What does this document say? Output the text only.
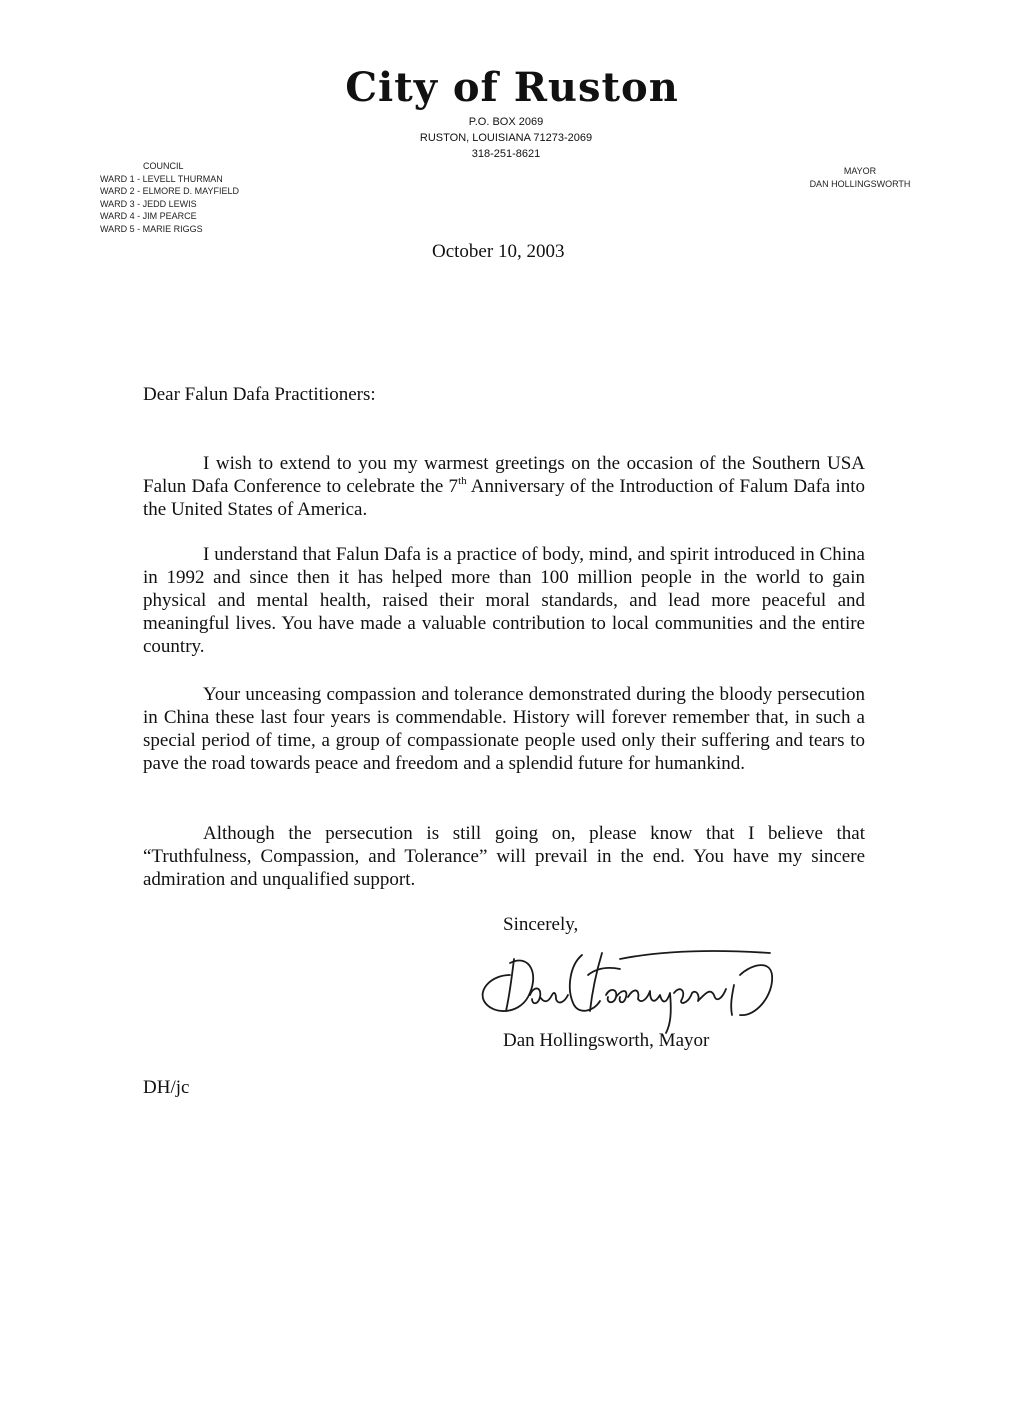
City of Ruston
P.O. BOX 2069
RUSTON, LOUISIANA 71273-2069
318-251-8621
COUNCIL
WARD 1 - LEVELL THURMAN
WARD 2 - ELMORE D. MAYFIELD
WARD 3 - JEDD LEWIS
WARD 4 - JIM PEARCE
WARD 5 - MARIE RIGGS
MAYOR
DAN HOLLINGSWORTH
October 10, 2003
Dear Falun Dafa Practitioners:

I wish to extend to you my warmest greetings on the occasion of the Southern USA Falun Dafa Conference to celebrate the 7th Anniversary of the Introduction of Falum Dafa into the United States of America.

I understand that Falun Dafa is a practice of body, mind, and spirit introduced in China in 1992 and since then it has helped more than 100 million people in the world to gain physical and mental health, raised their moral standards, and lead more peaceful and meaningful lives. You have made a valuable contribution to local communities and the entire country.

Your unceasing compassion and tolerance demonstrated during the bloody persecution in China these last four years is commendable. History will forever remember that, in such a special period of time, a group of compassionate people used only their suffering and tears to pave the road towards peace and freedom and a splendid future for humankind.

Although the persecution is still going on, please know that I believe that “Truthfulness, Compassion, and Tolerance” will prevail in the end. You have my sincere admiration and unqualified support.

Sincerely,
Dan Hollingsworth, Mayor
DH/jc
